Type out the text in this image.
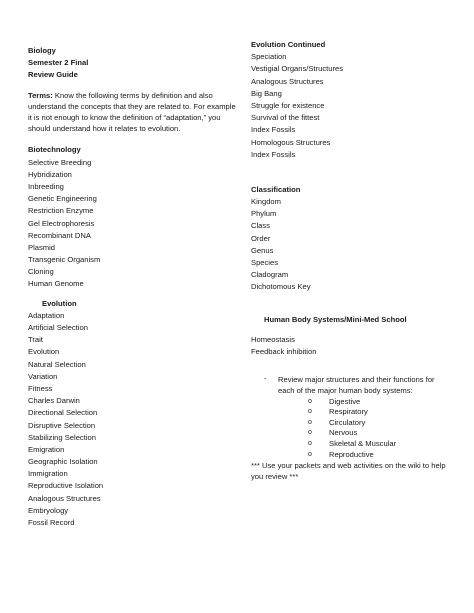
Biology
Semester 2 Final
Review Guide

Terms: Know the following terms by definition and also understand the concepts that they are related to. For example it is not enough to know the definition of “adaptation,” you should understand how it relates to evolution.

Biotechnology
Selective Breeding
Hybridization
Inbreeding
Genetic Engineering
Restriction Enzyme
Gel Electrophoresis
Recombinant DNA
Plasmid
Transgenic Organism
Cloning
Human Genome
Evolution
Adaptation
Artificial Selection
Trait
Evolution
Natural Selection
Variation
Fitness
Charles Darwin
Directional Selection
Disruptive Selection
Stabilizing Selection
Emigration
Geographic Isolation
Immigration
Reproductive Isolation
Analogous Structures
Embryology
Fossil Record
Evolution Continued
Speciation
Vestigial Organs/Structures
Analogous Structures
Big Bang
Struggle for existence
Survival of the fittest
Index Fossils
Homologous Structures
Index Fossils
Classification
Kingdom
Phylum
Class
Order
Genus
Species
Cladogram
Dichotomous Key
Human Body Systems/Mini-Med School
Homeostasis
Feedback inhibition
-	Review major structures and their functions for each of the major human body systems:
o Digestive
o Respiratory
o Circulatory
o Nervous
o Skeletal & Muscular
o Reproductive
*** Use your packets and web activities on the wiki to help you review ***
